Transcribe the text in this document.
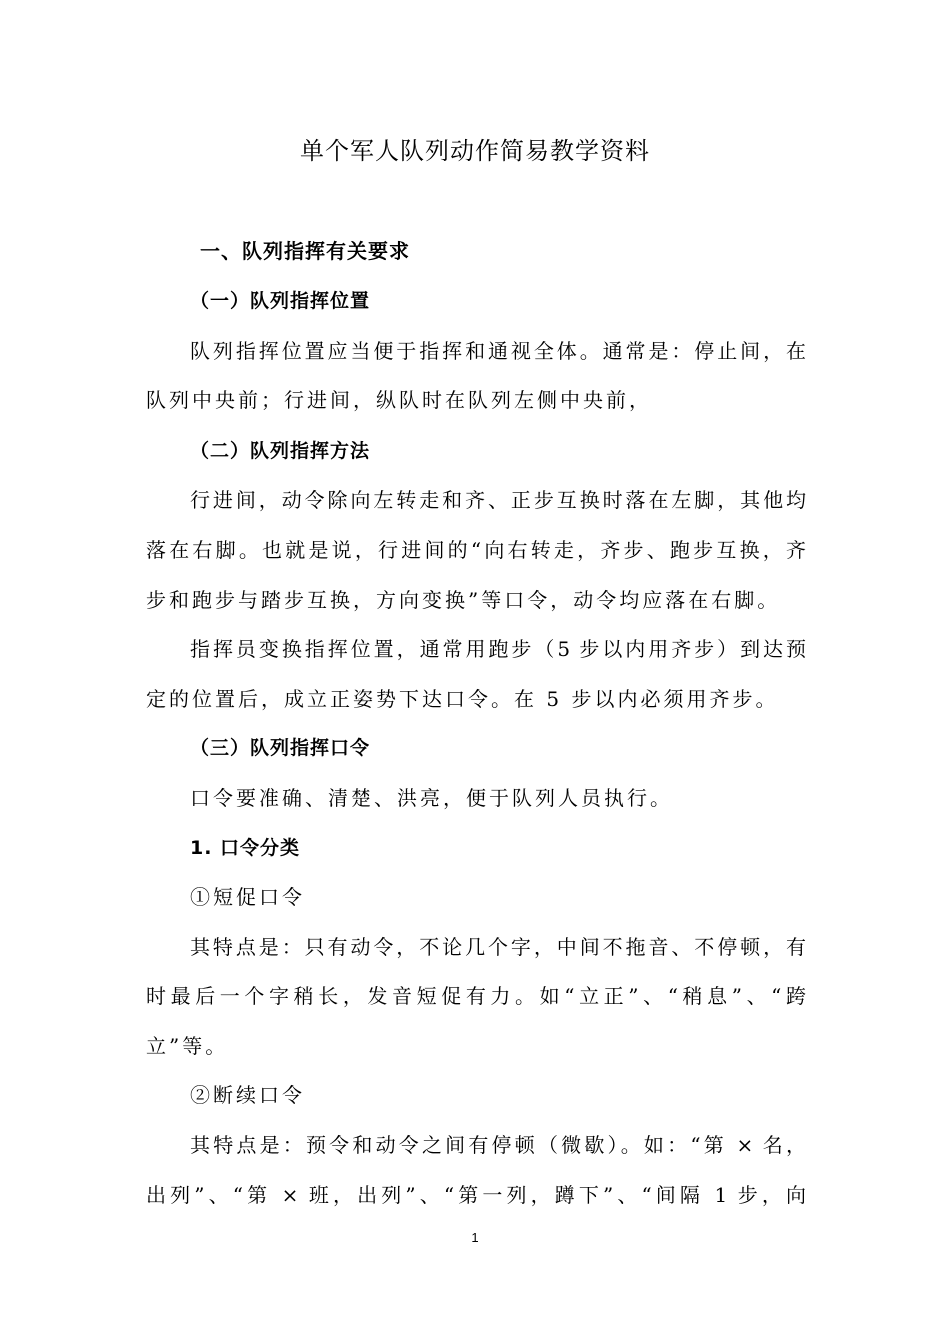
单个军人队列动作简易教学资料
一、队列指挥有关要求
（一）队列指挥位置
队列指挥位置应当便于指挥和通视全体。通常是：停止间，在
队列中央前；行进间，纵队时在队列左侧中央前，
（二）队列指挥方法
行进间，动令除向左转走和齐、正步互换时落在左脚，其他均
落在右脚。也就是说，行进间的“向右转走，齐步、跑步互换，齐
步和跑步与踏步互换，方向变换”等口令，动令均应落在右脚。
指挥员变换指挥位置，通常用跑步（5 步以内用齐步）到达预
定的位置后，成立正姿势下达口令。在 5 步以内必须用齐步。
（三）队列指挥口令
口令要准确、清楚、洪亮，便于队列人员执行。
1. 口令分类
①短促口令
其特点是：只有动令，不论几个字，中间不拖音、不停顿，有
时最后一个字稍长，发音短促有力。如“立正”、“稍息”、“跨
立”等。
②断续口令
其特点是：预令和动令之间有停顿（微歇）。如：“第 × 名，
出列”、“第 × 班，出列”、“第一列，蹲下”、“间隔 1 步，向
1
